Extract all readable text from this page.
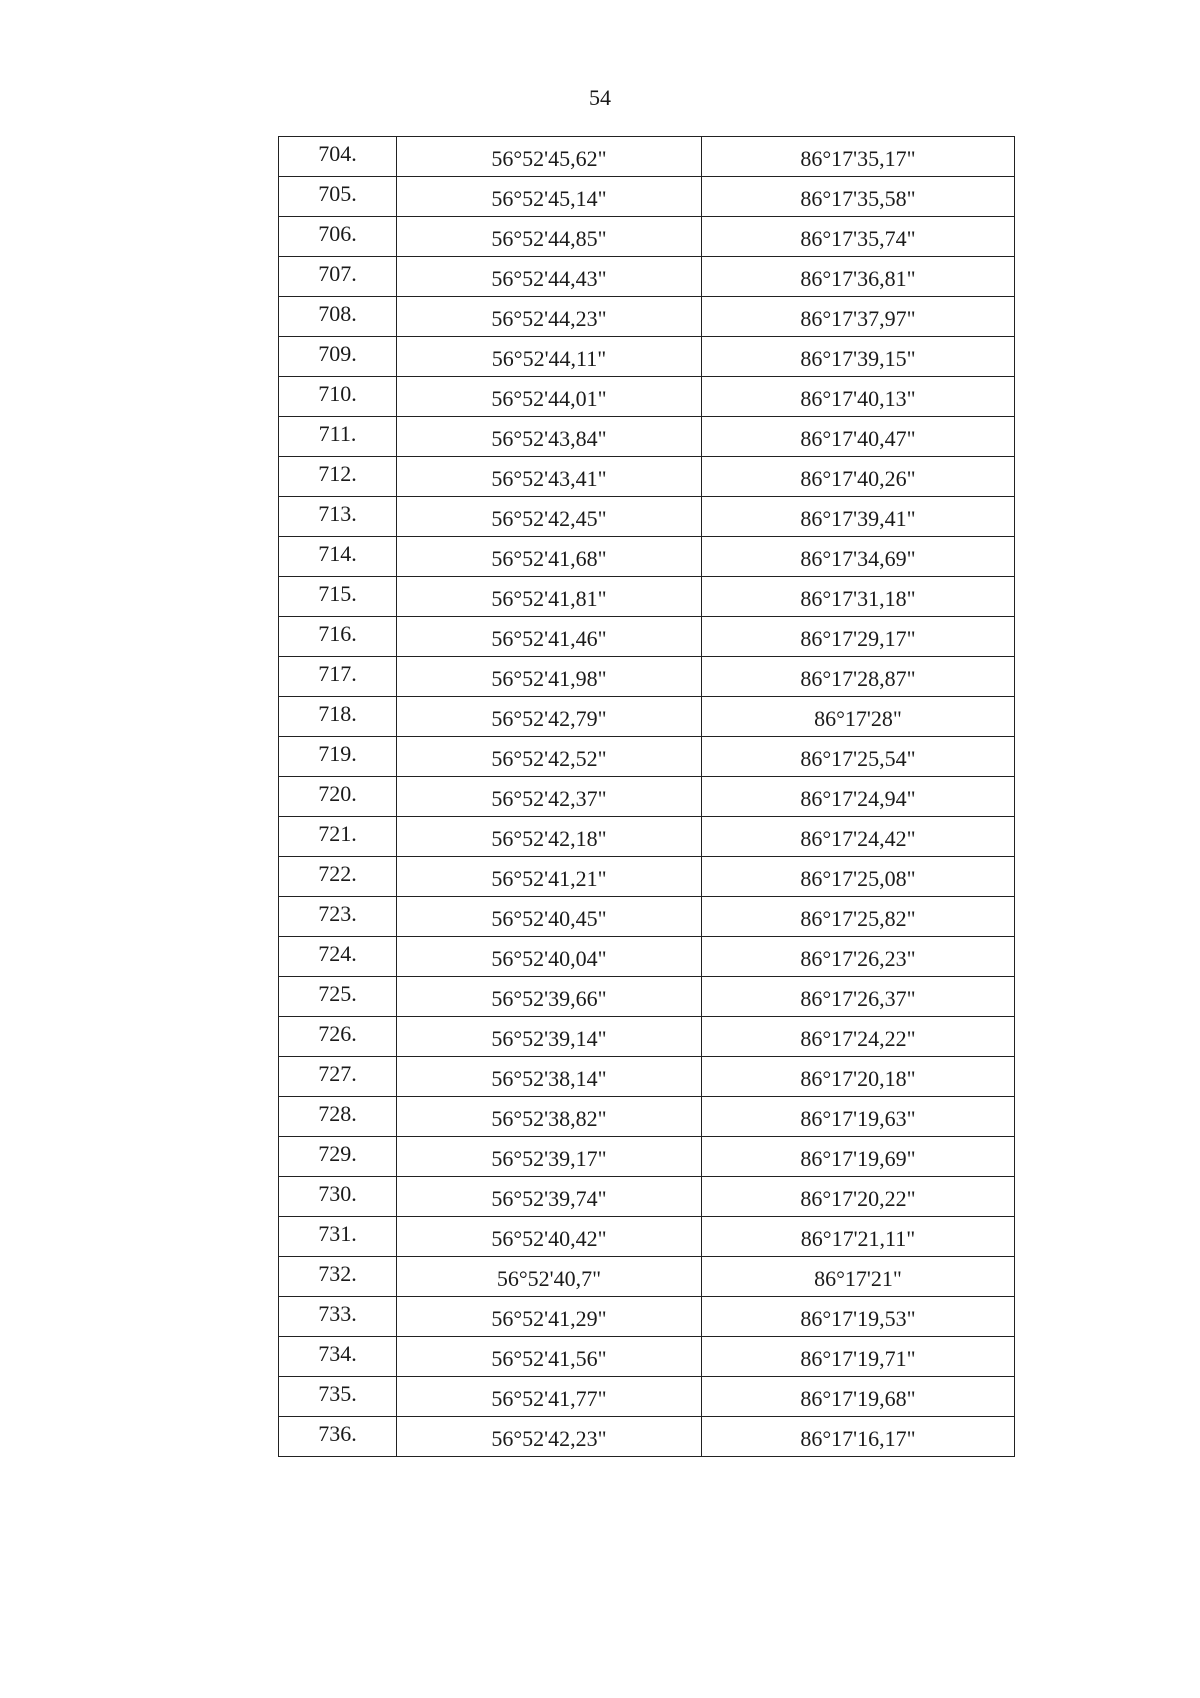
54
704.	56°52'45,62"	86°17'35,17"
705.	56°52'45,14"	86°17'35,58"
706.	56°52'44,85"	86°17'35,74"
707.	56°52'44,43"	86°17'36,81"
708.	56°52'44,23"	86°17'37,97"
709.	56°52'44,11"	86°17'39,15"
710.	56°52'44,01"	86°17'40,13"
711.	56°52'43,84"	86°17'40,47"
712.	56°52'43,41"	86°17'40,26"
713.	56°52'42,45"	86°17'39,41"
714.	56°52'41,68"	86°17'34,69"
715.	56°52'41,81"	86°17'31,18"
716.	56°52'41,46"	86°17'29,17"
717.	56°52'41,98"	86°17'28,87"
718.	56°52'42,79"	86°17'28"
719.	56°52'42,52"	86°17'25,54"
720.	56°52'42,37"	86°17'24,94"
721.	56°52'42,18"	86°17'24,42"
722.	56°52'41,21"	86°17'25,08"
723.	56°52'40,45"	86°17'25,82"
724.	56°52'40,04"	86°17'26,23"
725.	56°52'39,66"	86°17'26,37"
726.	56°52'39,14"	86°17'24,22"
727.	56°52'38,14"	86°17'20,18"
728.	56°52'38,82"	86°17'19,63"
729.	56°52'39,17"	86°17'19,69"
730.	56°52'39,74"	86°17'20,22"
731.	56°52'40,42"	86°17'21,11"
732.	56°52'40,7"	86°17'21"
733.	56°52'41,29"	86°17'19,53"
734.	56°52'41,56"	86°17'19,71"
735.	56°52'41,77"	86°17'19,68"
736.	56°52'42,23"	86°17'16,17"
